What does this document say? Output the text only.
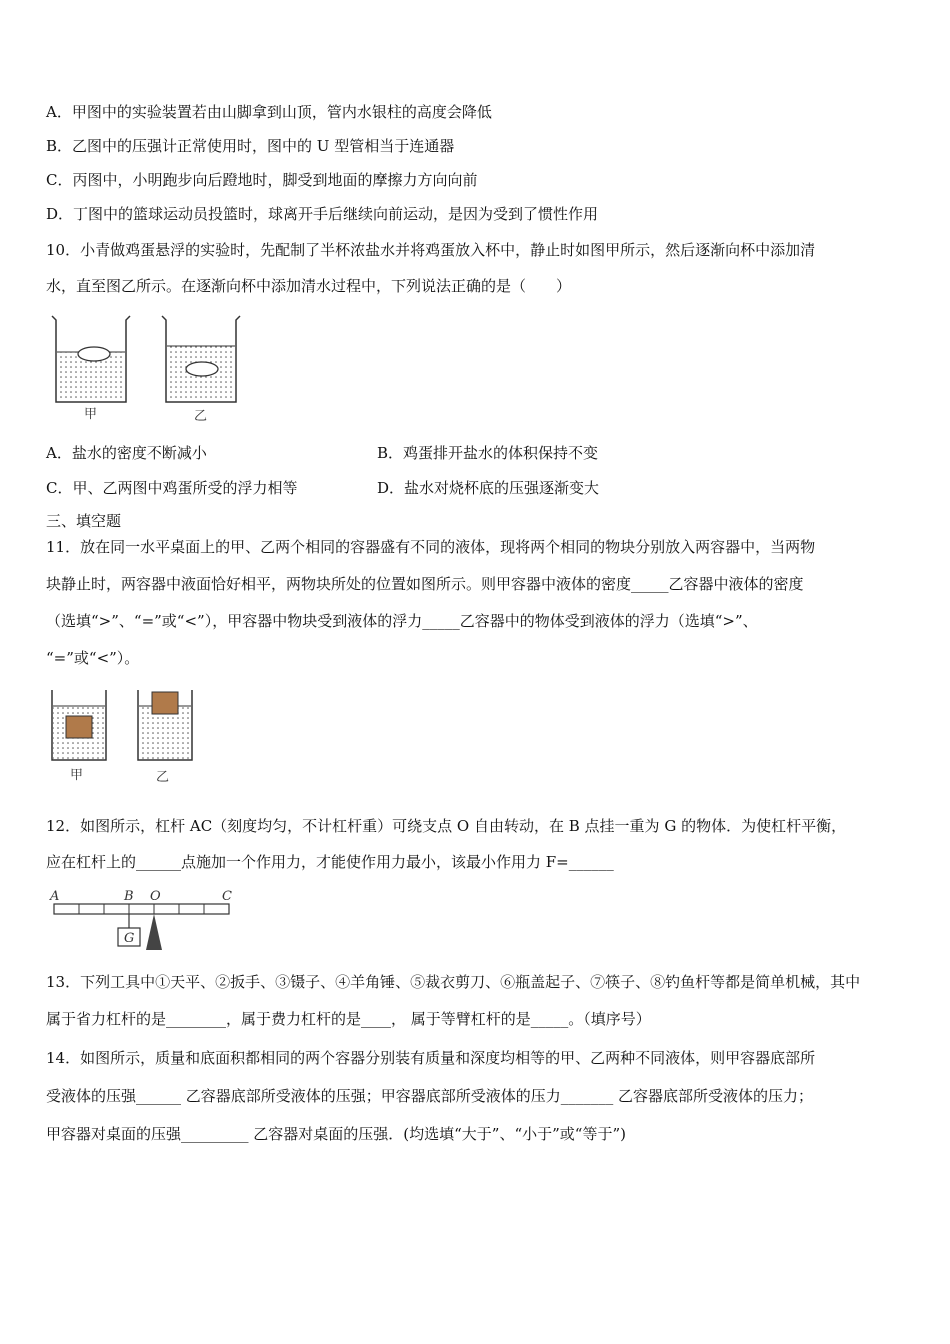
A．甲图中的实验装置若由山脚拿到山顶，管内水银柱的高度会降低
B．乙图中的压强计正常使用时，图中的 U 型管相当于连通器
C．丙图中，小明跑步向后蹬地时，脚受到地面的摩擦力方向向前
D．丁图中的篮球运动员投篮时，球离开手后继续向前运动，是因为受到了惯性作用
10．小青做鸡蛋悬浮的实验时，先配制了半杯浓盐水并将鸡蛋放入杯中，静止时如图甲所示，然后逐渐向杯中添加清
水，直至图乙所示。在逐渐向杯中添加清水过程中，下列说法正确的是（　　）
甲	乙
A．盐水的密度不断减小	B．鸡蛋排开盐水的体积保持不变
C．甲、乙两图中鸡蛋所受的浮力相等	D．盐水对烧杯底的压强逐渐变大
三、填空题
11．放在同一水平桌面上的甲、乙两个相同的容器盛有不同的液体，现将两个相同的物块分别放入两容器中，当两物
块静止时，两容器中液面恰好相平，两物块所处的位置如图所示。则甲容器中液体的密度_____乙容器中液体的密度
（选填“>”、“=”或“<”），甲容器中物块受到液体的浮力_____乙容器中的物体受到液体的浮力（选填“>”、
“=”或“<”）。
甲	乙
12．如图所示，杠杆 AC（刻度均匀，不计杠杆重）可绕支点 O 自由转动，在 B 点挂一重为 G 的物体．为使杠杆平衡，
应在杠杆上的______点施加一个作用力，才能使作用力最小，该最小作用力 F=______
G
A	B O	C
13．下列工具中①天平、②扳手、③镊子、④羊角锤、⑤裁衣剪刀、⑥瓶盖起子、⑦筷子、⑧钓鱼杆等都是简单机械，其中
属于省力杠杆的是________，属于费力杠杆的是____， 属于等臂杠杆的是_____。（填序号）
14．如图所示，质量和底面积都相同的两个容器分别装有质量和深度均相等的甲、乙两种不同液体，则甲容器底部所
受液体的压强______ 乙容器底部所受液体的压强；甲容器底部所受液体的压力_______ 乙容器底部所受液体的压力；
甲容器对桌面的压强_________ 乙容器对桌面的压强．(均选填“大于”、“小于”或“等于”)
